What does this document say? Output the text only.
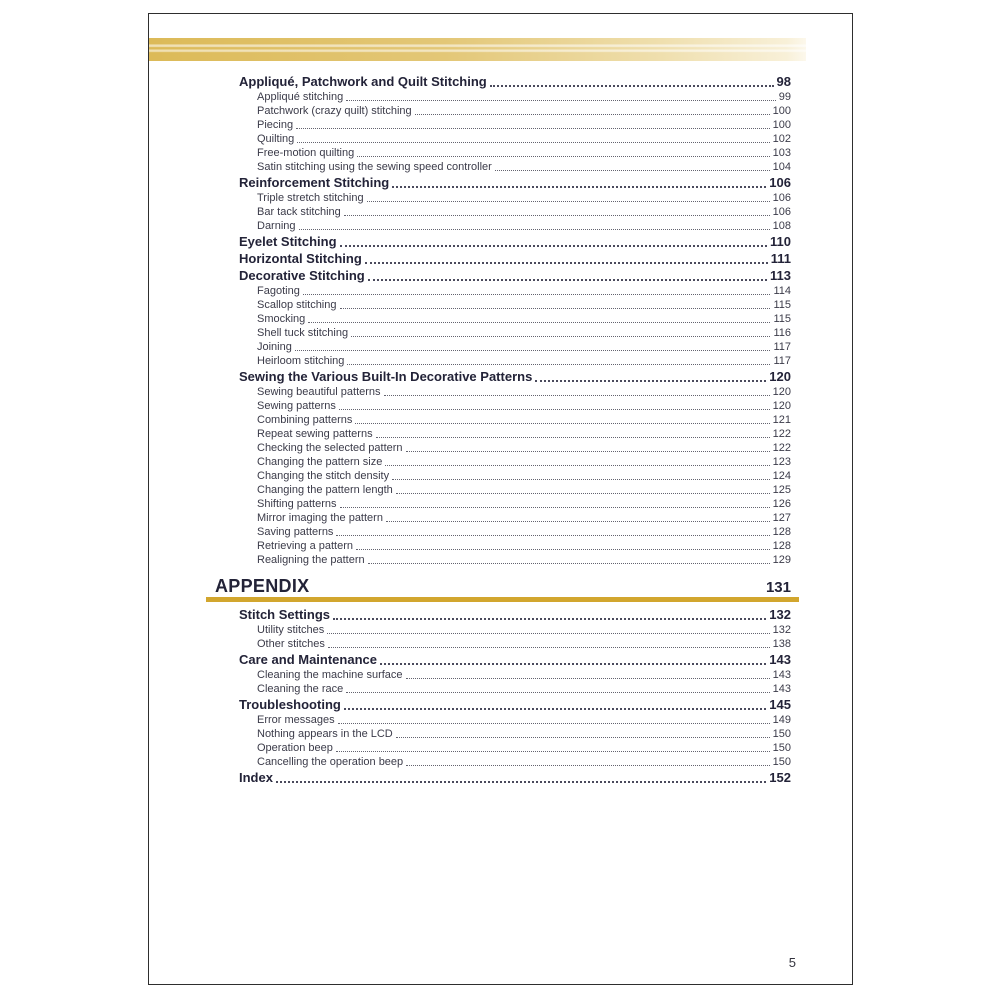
Appliqué, Patchwork and Quilt Stitching	98
Appliqué stitching	99
Patchwork (crazy quilt) stitching	100
Piecing	100
Quilting	102
Free-motion quilting	103
Satin stitching using the sewing speed controller	104
Reinforcement Stitching	106
Triple stretch stitching	106
Bar tack stitching	106
Darning	108
Eyelet Stitching	110
Horizontal Stitching	111
Decorative Stitching	113
Fagoting	114
Scallop stitching	115
Smocking	115
Shell tuck stitching	116
Joining	117
Heirloom stitching	117
Sewing the Various Built-In Decorative Patterns	120
Sewing beautiful patterns	120
Sewing patterns	120
Combining patterns	121
Repeat sewing patterns	122
Checking the selected pattern	122
Changing the pattern size	123
Changing the stitch density	124
Changing the pattern length	125
Shifting patterns	126
Mirror imaging the pattern	127
Saving patterns	128
Retrieving a pattern	128
Realigning the pattern	129
APPENDIX	131
Stitch Settings	132
Utility stitches	132
Other stitches	138
Care and Maintenance	143
Cleaning the machine surface	143
Cleaning the race	143
Troubleshooting	145
Error messages	149
Nothing appears in the LCD	150
Operation beep	150
Cancelling the operation beep	150
Index	152
5
